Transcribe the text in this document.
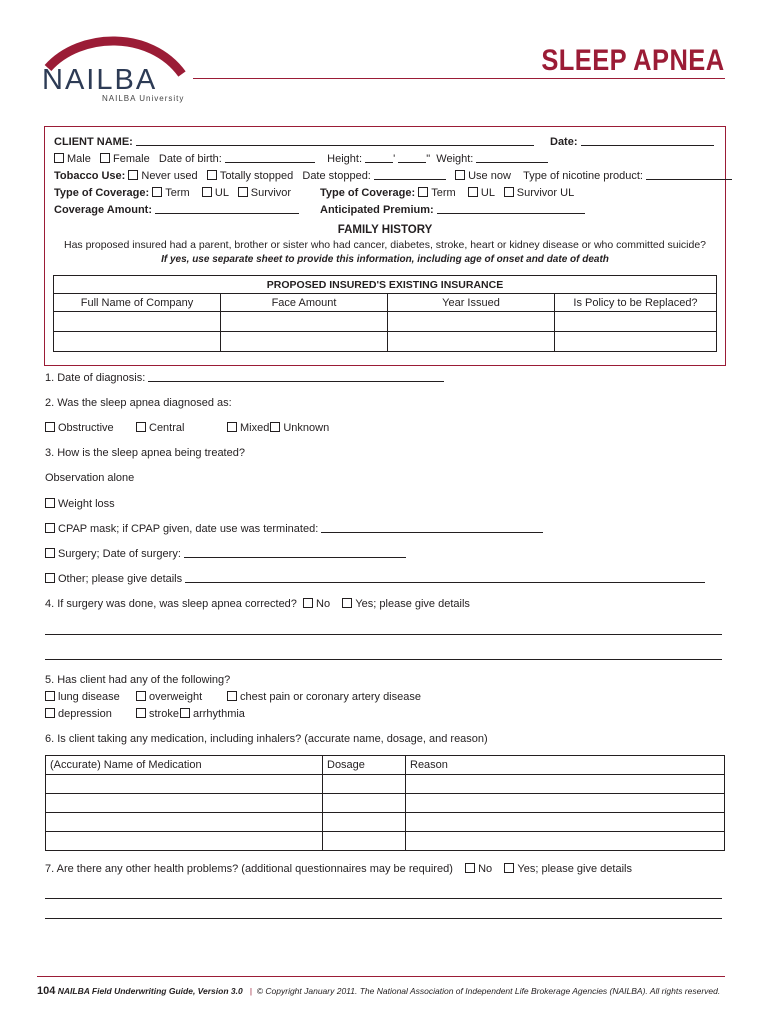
NAILBA
NAILBA University
SLEEP APNEA
CLIENT NAME:	Date:
Male Female Date of birth:	Height:	'	"  Weight:
Tobacco Use: Never used Totally stopped Date stopped:	Use now Type of nicotine product:
Type of Coverage: Term UL Survivor	Type of Coverage: Term UL Survivor UL
Coverage Amount:	Anticipated Premium:
FAMILY HISTORY
Has proposed insured had a parent, brother or sister who had cancer, diabetes, stroke, heart or kidney disease or who committed suicide?
If yes, use separate sheet to provide this information, including age of onset and date of death
PROPOSED INSURED'S EXISTING INSURANCE			
Full Name of Company	Face Amount	Year Issued	Is Policy to be Replaced?

1. Date of diagnosis:
2. Was the sleep apnea diagnosed as:
Obstructive	Central	Mixed Unknown
3. How is the sleep apnea being treated?
Observation alone
Weight loss
CPAP mask; if CPAP given, date use was terminated:
Surgery; Date of surgery:
Other; please give details
4. If surgery was done, was sleep apnea corrected? No Yes; please give details
5. Has client had any of the following?
lung disease	overweight	chest pain or coronary artery disease
depression	stroke arrhythmia
6. Is client taking any medication, including inhalers? (accurate name, dosage, and reason)
(Accurate) Name of Medication	Dosage	Reason

7. Are there any other health problems? (additional questionnaires may be required) No Yes; please give details
104 NAILBA Field Underwriting Guide, Version 3.0 | © Copyright January 2011. The National Association of Independent Life Brokerage Agencies (NAILBA). All rights reserved.
